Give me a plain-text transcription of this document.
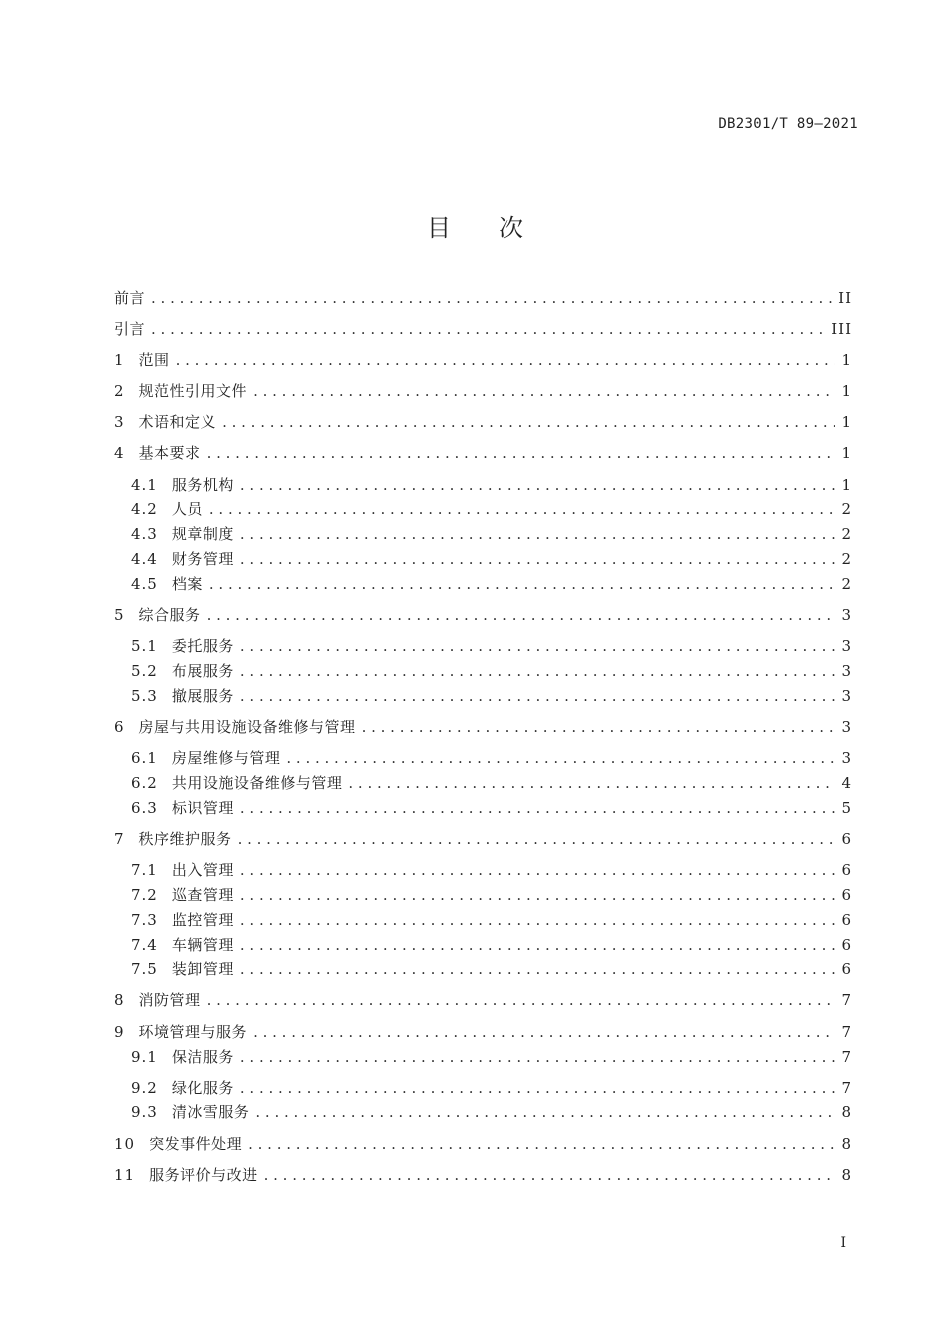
DB2301/T 89—2021
目 次
前言 . . .	II
引言 . . .	III
1 范围 . . .	1
2 规范性引用文件 . . .	1
3 术语和定义 . . .	1
4 基本要求 . . .	1
4.1 服务机构 . . .	1
4.2 人员 . . .	2
4.3 规章制度 . . .	2
4.4 财务管理 . . .	2
4.5 档案 . . .	2
5 综合服务 . . .	3
5.1 委托服务 . . .	3
5.2 布展服务 . . .	3
5.3 撤展服务 . . .	3
6 房屋与共用设施设备维修与管理 . . .	3
6.1 房屋维修与管理 . . .	3
6.2 共用设施设备维修与管理 . . .	4
6.3 标识管理 . . .	5
7 秩序维护服务 . . .	6
7.1 出入管理 . . .	6
7.2 巡查管理 . . .	6
7.3 监控管理 . . .	6
7.4 车辆管理 . . .	6
7.5 装卸管理 . . .	6
8 消防管理 . . .	7
9 环境管理与服务 . . .	7
9.1 保洁服务 . . .	7
9.2 绿化服务 . . .	7
9.3 清冰雪服务 . . .	8
10 突发事件处理 . . .	8
11 服务评价与改进 . . .	8
I
